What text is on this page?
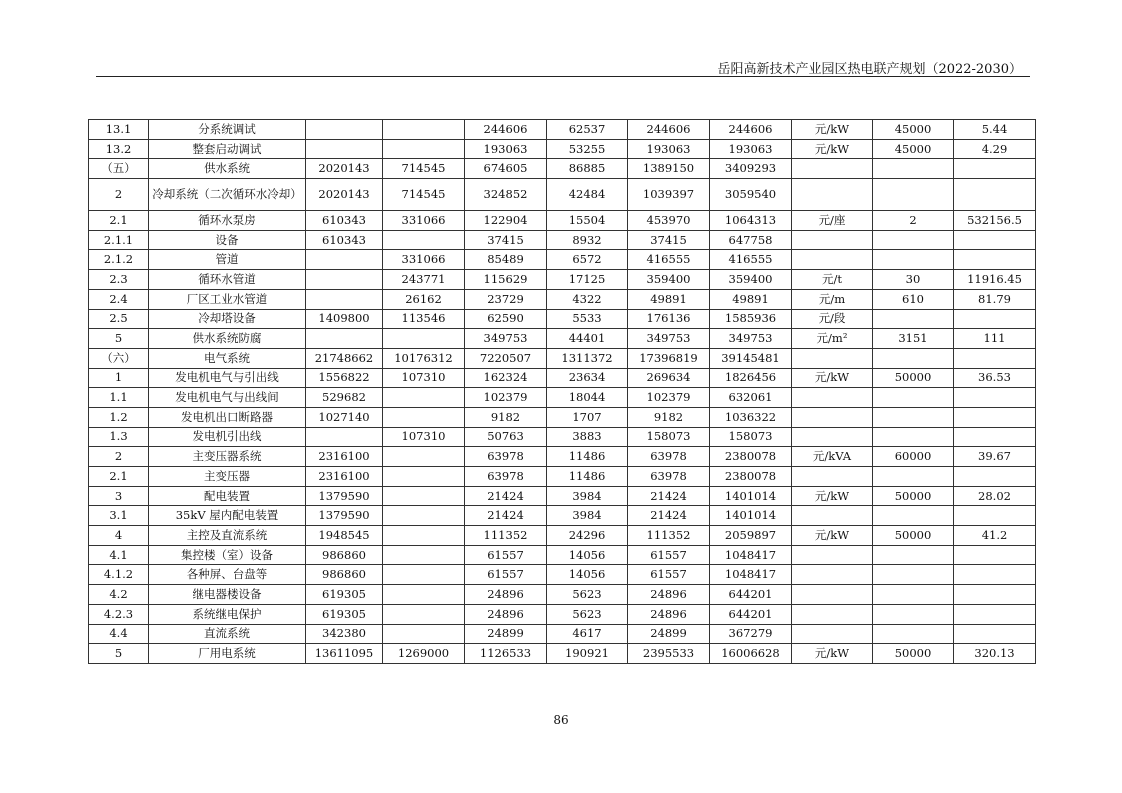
岳阳高新技术产业园区热电联产规划（2022-2030）
13.1	分系统调试			244606	62537	244606	244606	元/kW	45000	5.44
13.2	整套启动调试			193063	53255	193063	193063	元/kW	45000	4.29
（五）	供水系统	2020143	714545	674605	86885	1389150	3409293			
2	冷却系统（二次循环水冷却）	2020143	714545	324852	42484	1039397	3059540			
2.1	循环水泵房	610343	331066	122904	15504	453970	1064313	元/座	2	532156.5
2.1.1	设备	610343		37415	8932	37415	647758			
2.1.2	管道		331066	85489	6572	416555	416555			
2.3	循环水管道		243771	115629	17125	359400	359400	元/t	30	11916.45
2.4	厂区工业水管道		26162	23729	4322	49891	49891	元/m	610	81.79
2.5	冷却塔设备	1409800	113546	62590	5533	176136	1585936	元/段		
5	供水系统防腐			349753	44401	349753	349753	元/m²	3151	111
（六）	电气系统	21748662	10176312	7220507	1311372	17396819	39145481			
1	发电机电气与引出线	1556822	107310	162324	23634	269634	1826456	元/kW	50000	36.53
1.1	发电机电气与出线间	529682		102379	18044	102379	632061			
1.2	发电机出口断路器	1027140		9182	1707	9182	1036322			
1.3	发电机引出线		107310	50763	3883	158073	158073			
2	主变压器系统	2316100		63978	11486	63978	2380078	元/kVA	60000	39.67
2.1	主变压器	2316100		63978	11486	63978	2380078			
3	配电装置	1379590		21424	3984	21424	1401014	元/kW	50000	28.02
3.1	35kV 屋内配电装置	1379590		21424	3984	21424	1401014			
4	主控及直流系统	1948545		111352	24296	111352	2059897	元/kW	50000	41.2
4.1	集控楼（室）设备	986860		61557	14056	61557	1048417			
4.1.2	各种屏、台盘等	986860		61557	14056	61557	1048417			
4.2	继电器楼设备	619305		24896	5623	24896	644201			
4.2.3	系统继电保护	619305		24896	5623	24896	644201			
4.4	直流系统	342380		24899	4617	24899	367279			
5	厂用电系统	13611095	1269000	1126533	190921	2395533	16006628	元/kW	50000	320.13
86
